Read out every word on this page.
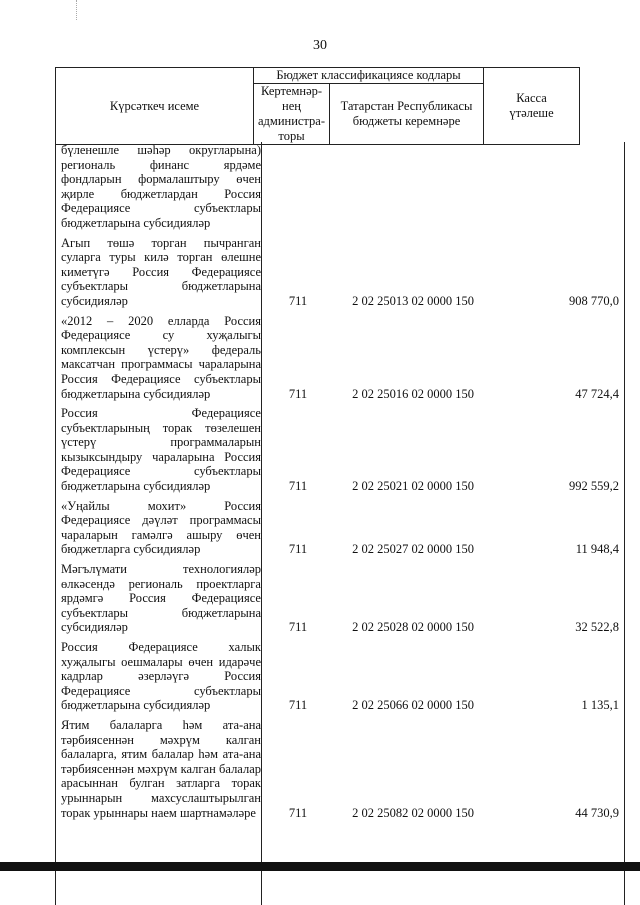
30
Күрсәткеч исеме	Бюджет классификациясе кодлары		Касса
үтәлеше

	Кертемнәр-
нең
администра-
торы	Татарстан Республикасы
бюджеты керемнәре	
бүленешле шәһәр округларына) региональ финанс ярдәме фондларын формалаштыру өчен җирле бюджетлардан Россия Федерациясе субъектлары бюджетларына субсидияләр
Агып төшә торган пычранган суларга туры килә торган өлешне киметүгә Россия Федерациясе субъектлары бюджетларына субсидияләр	711	2 02 25013 02 0000 150	908 770,0
«2012 – 2020 елларда Россия Федерациясе су хуҗалыгы комплексын үстерү» федераль максатчан программасы чараларына Россия Федерациясе субъектлары бюджетларына субсидияләр	711	2 02 25016 02 0000 150	47 724,4
Россия Федерациясе субъектларының торак төзелешен үстерү программаларын кызыксындыру чараларына Россия Федерациясе субъектлары бюджетларына субсидияләр	711	2 02 25021 02 0000 150	992 559,2
«Уңайлы мохит» Россия Федерациясе дәүләт программасы чараларын гамәлгә ашыру өчен бюджетларга субсидияләр	711	2 02 25027 02 0000 150	11 948,4
Мәгълүмати технологияләр өлкәсендә региональ проектларга ярдәмгә Россия Федерациясе субъектлары бюджетларына субсидияләр	711	2 02 25028 02 0000 150	32 522,8
Россия Федерациясе халык хуҗалыгы оешмалары өчен идарәче кадрлар әзерләүгә Россия Федерациясе субъектлары бюджетларына субсидияләр	711	2 02 25066 02 0000 150	1 135,1
Ятим балаларга һәм ата-ана тәрбиясеннән мәхрүм калган балаларга, ятим балалар һәм ата-ана тәрбиясеннән мәхрүм калган балалар арасыннан булган затларга торак урыннарын махсуслаштырылган торак урыннары наем шартнамәләре	711	2 02 25082 02 0000 150	44 730,9
